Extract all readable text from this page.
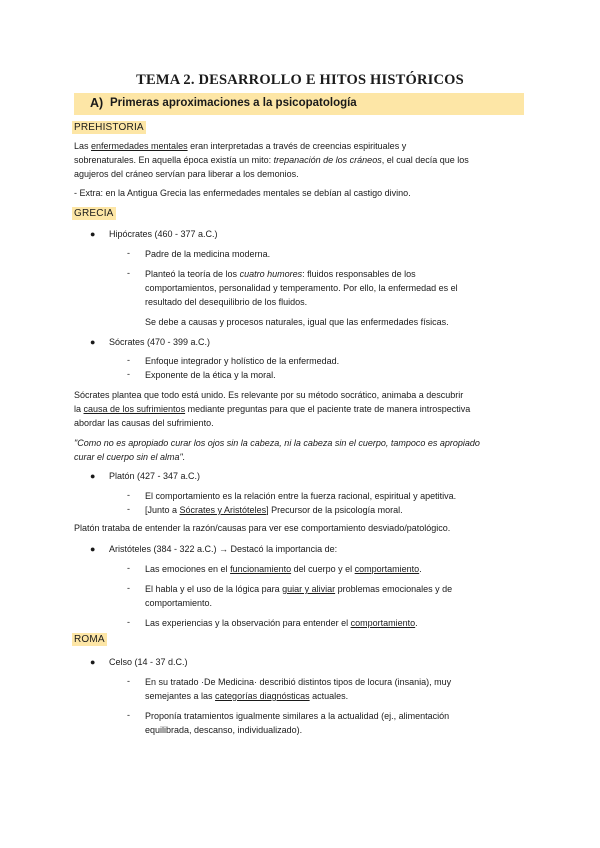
TEMA 2. DESARROLLO E HITOS HISTÓRICOS
A) Primeras aproximaciones a la psicopatología
PREHISTORIA
Las enfermedades mentales eran interpretadas a través de creencias espirituales y
sobrenaturales. En aquella época existía un mito: trepanación de los cráneos, el cual decía que los
agujeros del cráneo servían para liberar a los demonios.
- Extra: en la Antigua Grecia las enfermedades mentales se debían al castigo divino.
GRECIA
● Hipócrates (460 - 377 a.C.)
- Padre de la medicina moderna.
- Planteó la teoría de los cuatro humores: fluidos responsables de los
comportamientos, personalidad y temperamento. Por ello, la enfermedad es el
resultado del desequilibrio de los fluidos.
Se debe a causas y procesos naturales, igual que las enfermedades físicas.
● Sócrates (470 - 399 a.C.)
- Enfoque integrador y holístico de la enfermedad.
- Exponente de la ética y la moral.
Sócrates plantea que todo está unido. Es relevante por su método socrático, animaba a descubrir
la causa de los sufrimientos mediante preguntas para que el paciente trate de manera introspectiva
abordar las causas del sufrimiento.
"Como no es apropiado curar los ojos sin la cabeza, ni la cabeza sin el cuerpo, tampoco es apropiado
curar el cuerpo sin el alma".
● Platón (427 - 347 a.C.)
- El comportamiento es la relación entre la fuerza racional, espiritual y apetitiva.
- [Junto a Sócrates y Aristóteles] Precursor de la psicología moral.
Platón trataba de entender la razón/causas para ver ese comportamiento desviado/patológico.
● Aristóteles (384 - 322 a.C.) → Destacó la importancia de:
- Las emociones en el funcionamiento del cuerpo y el comportamiento.
- El habla y el uso de la lógica para guiar y aliviar problemas emocionales y de
comportamiento.
- Las experiencias y la observación para entender el comportamiento.
ROMA
● Celso (14 - 37 d.C.)
- En su tratado ·De Medicina· describió distintos tipos de locura (insania), muy
semejantes a las categorías diagnósticas actuales.
- Proponía tratamientos igualmente similares a la actualidad (ej., alimentación
equilibrada, descanso, individualizado).
